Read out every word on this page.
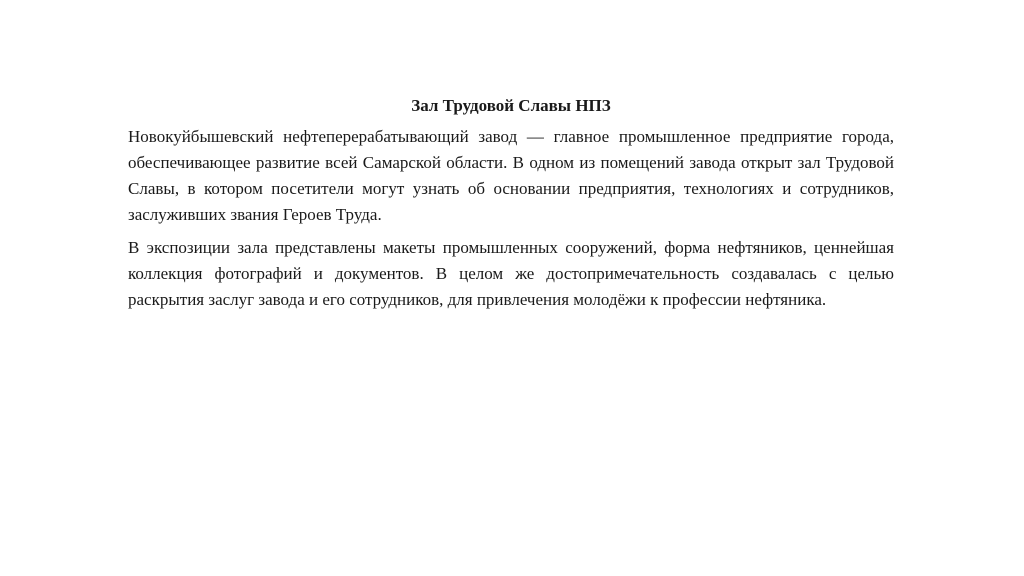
Зал Трудовой Славы НПЗ

Новокуйбышевский нефтеперерабатывающий завод — главное промышленное предприятие города, обеспечивающее развитие всей Самарской области. В одном из помещений завода открыт зал Трудовой Славы, в котором посетители могут узнать об основании предприятия, технологиях и сотрудников, заслуживших звания Героев Труда.

В экспозиции зала представлены макеты промышленных сооружений, форма нефтяников, ценнейшая коллекция фотографий и документов. В целом же достопримечательность создавалась с целью раскрытия заслуг завода и его сотрудников, для привлечения молодёжи к профессии нефтяника.
